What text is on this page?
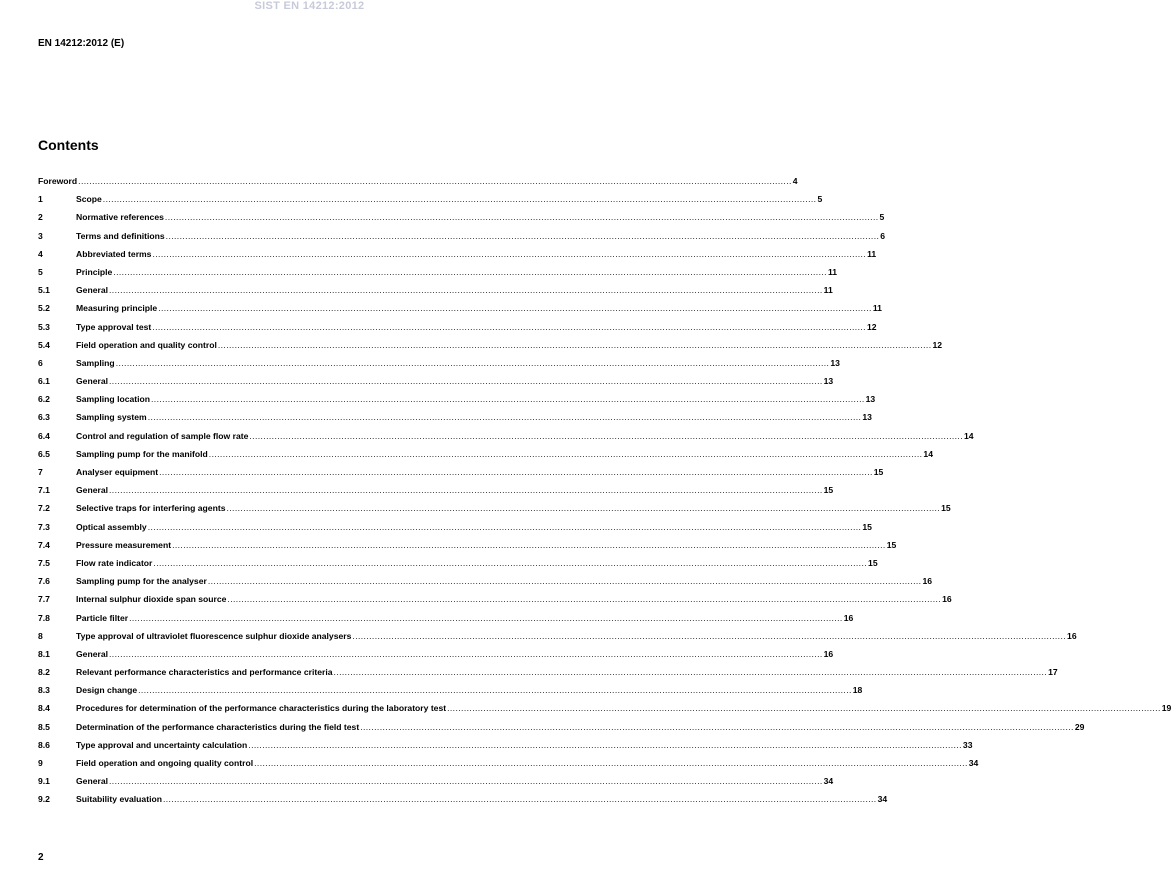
SIST EN 14212:2012
EN 14212:2012 (E)
Contents
Foreword .....	4
1	Scope .....	5
2	Normative references .....	5
3	Terms and definitions .....	6
4	Abbreviated terms .....	11
5	Principle .....	11
5.1	General .....	11
5.2	Measuring principle .....	11
5.3	Type approval test .....	12
5.4	Field operation and quality control .....	12
6	Sampling .....	13
6.1	General .....	13
6.2	Sampling location .....	13
6.3	Sampling system .....	13
6.4	Control and regulation of sample flow rate .....	14
6.5	Sampling pump for the manifold .....	14
7	Analyser equipment .....	15
7.1	General .....	15
7.2	Selective traps for interfering agents .....	15
7.3	Optical assembly .....	15
7.4	Pressure measurement .....	15
7.5	Flow rate indicator .....	15
7.6	Sampling pump for the analyser .....	16
7.7	Internal sulphur dioxide span source .....	16
7.8	Particle filter .....	16
8	Type approval of ultraviolet fluorescence sulphur dioxide analysers .....	16
8.1	General .....	16
8.2	Relevant performance characteristics and performance criteria .....	17
8.3	Design change .....	18
8.4	Procedures for determination of the performance characteristics during the laboratory test .....	19
8.5	Determination of the performance characteristics during the field test .....	29
8.6	Type approval and uncertainty calculation .....	33
9	Field operation and ongoing quality control .....	34
9.1	General .....	34
9.2	Suitability evaluation .....	34
2
